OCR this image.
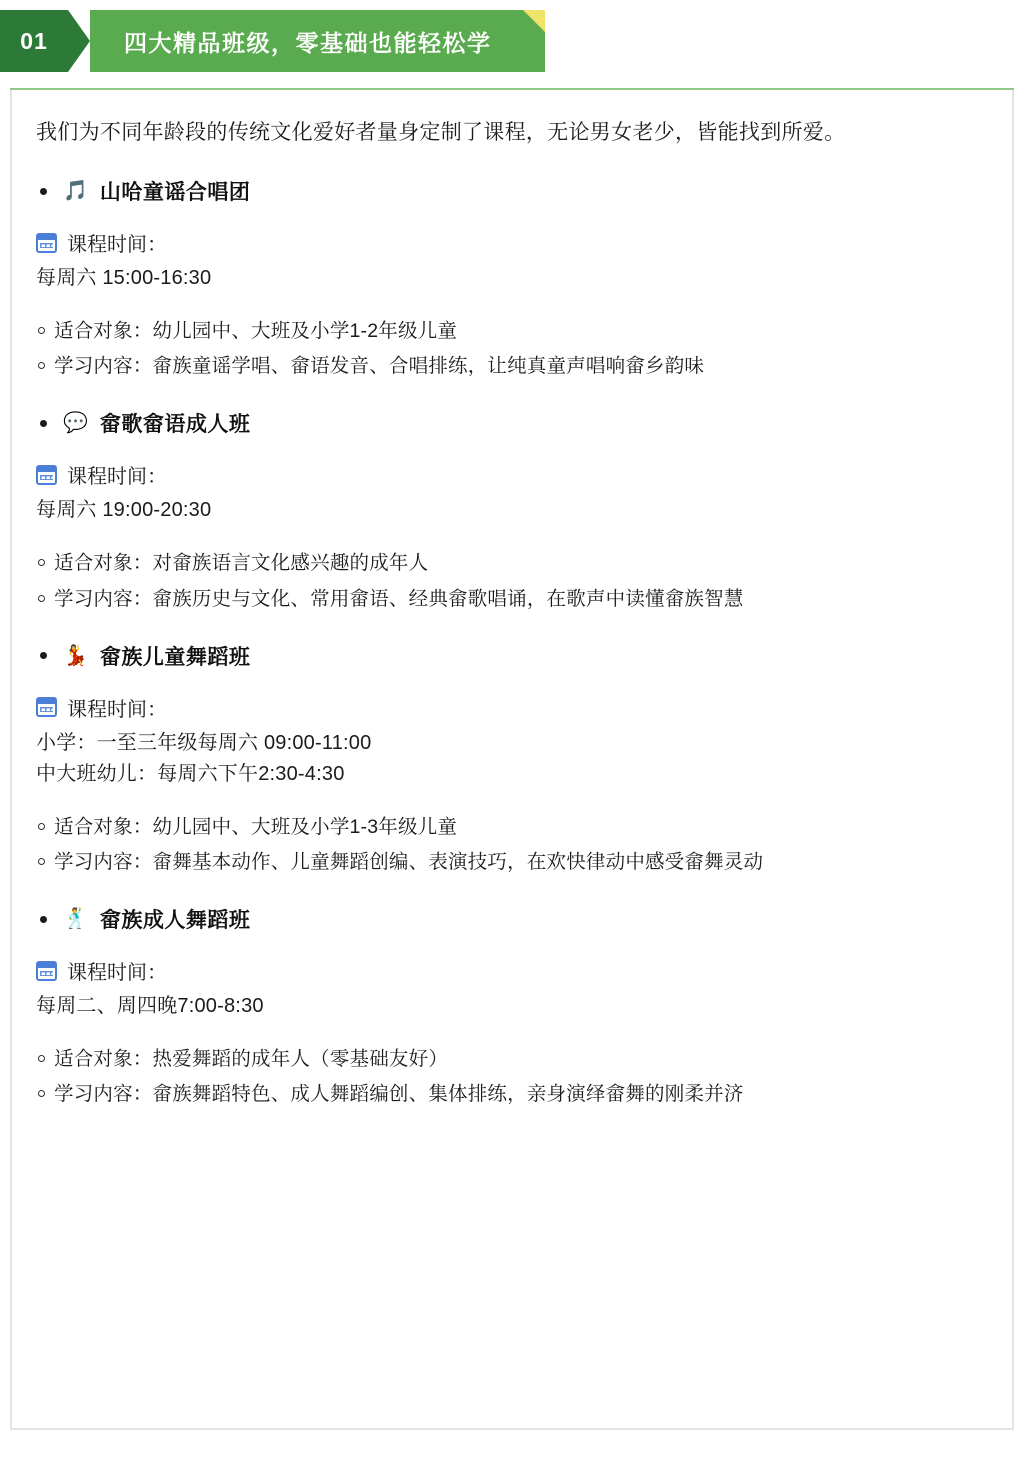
01	四大精品班级，零基础也能轻松学

我们为不同年龄段的传统文化爱好者量身定制了课程，无论男女老少，皆能找到所爱。

🎵 山哈童谣合唱团
课程时间：
每周六 15:00-16:30
适合对象：幼儿园中、大班及小学1-2年级儿童
学习内容：畲族童谣学唱、畲语发音、合唱排练，让纯真童声唱响畲乡韵味
💬 畲歌畲语成人班
课程时间：
每周六 19:00-20:30
适合对象：对畲族语言文化感兴趣的成年人
学习内容：畲族历史与文化、常用畲语、经典畲歌唱诵，在歌声中读懂畲族智慧
💃 畲族儿童舞蹈班
课程时间：
小学：一至三年级每周六 09:00-11:00
中大班幼儿：每周六下午2:30-4:30
适合对象：幼儿园中、大班及小学1-3年级儿童
学习内容：畲舞基本动作、儿童舞蹈创编、表演技巧，在欢快律动中感受畲舞灵动
🕺 畲族成人舞蹈班
课程时间：
每周二、周四晚7:00-8:30
适合对象：热爱舞蹈的成年人（零基础友好）
学习内容：畲族舞蹈特色、成人舞蹈编创、集体排练，亲身演绎畲舞的刚柔并济
